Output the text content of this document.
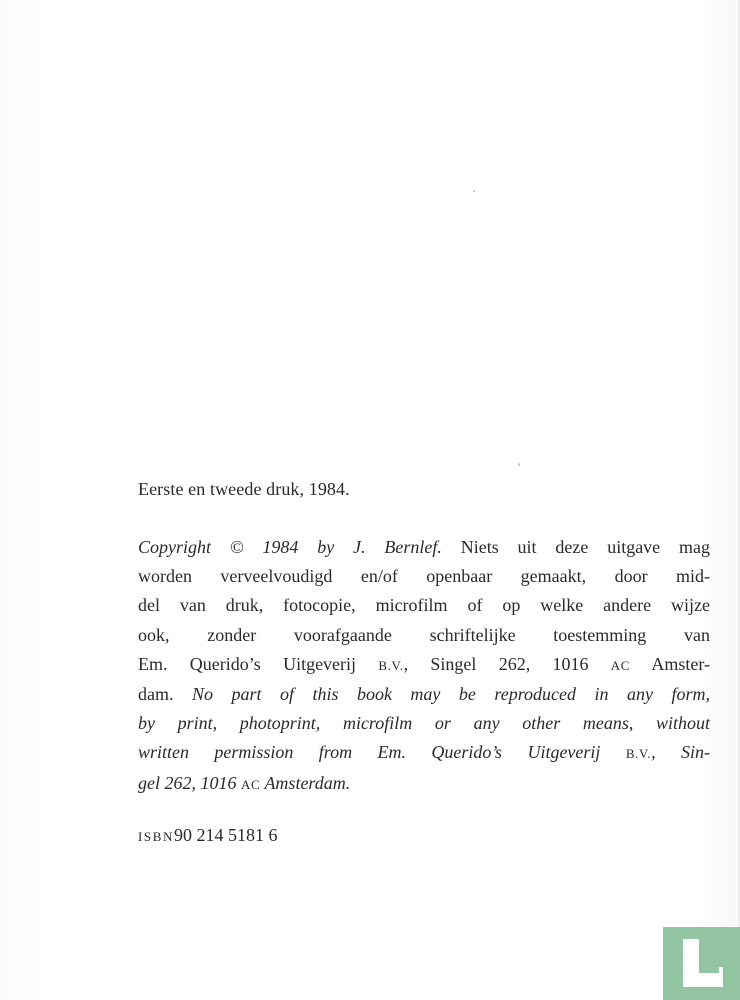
Eerste en tweede druk, 1984.
Copyright © 1984 by J. Bernlef. Niets uit deze uitgave mag
worden verveelvoudigd en/of openbaar gemaakt, door mid-
del van druk, fotocopie, microfilm of op welke andere wijze
ook, zonder voorafgaande schriftelijke toestemming van
Em. Querido’s Uitgeverij B.V., Singel 262, 1016 AC Amster-
dam. No part of this book may be reproduced in any form,
by print, photoprint, microfilm or any other means, without
written permission from Em. Querido’s Uitgeverij B.V., Sin-
gel 262, 1016 AC Amsterdam.
ISBN90 214 5181 6
